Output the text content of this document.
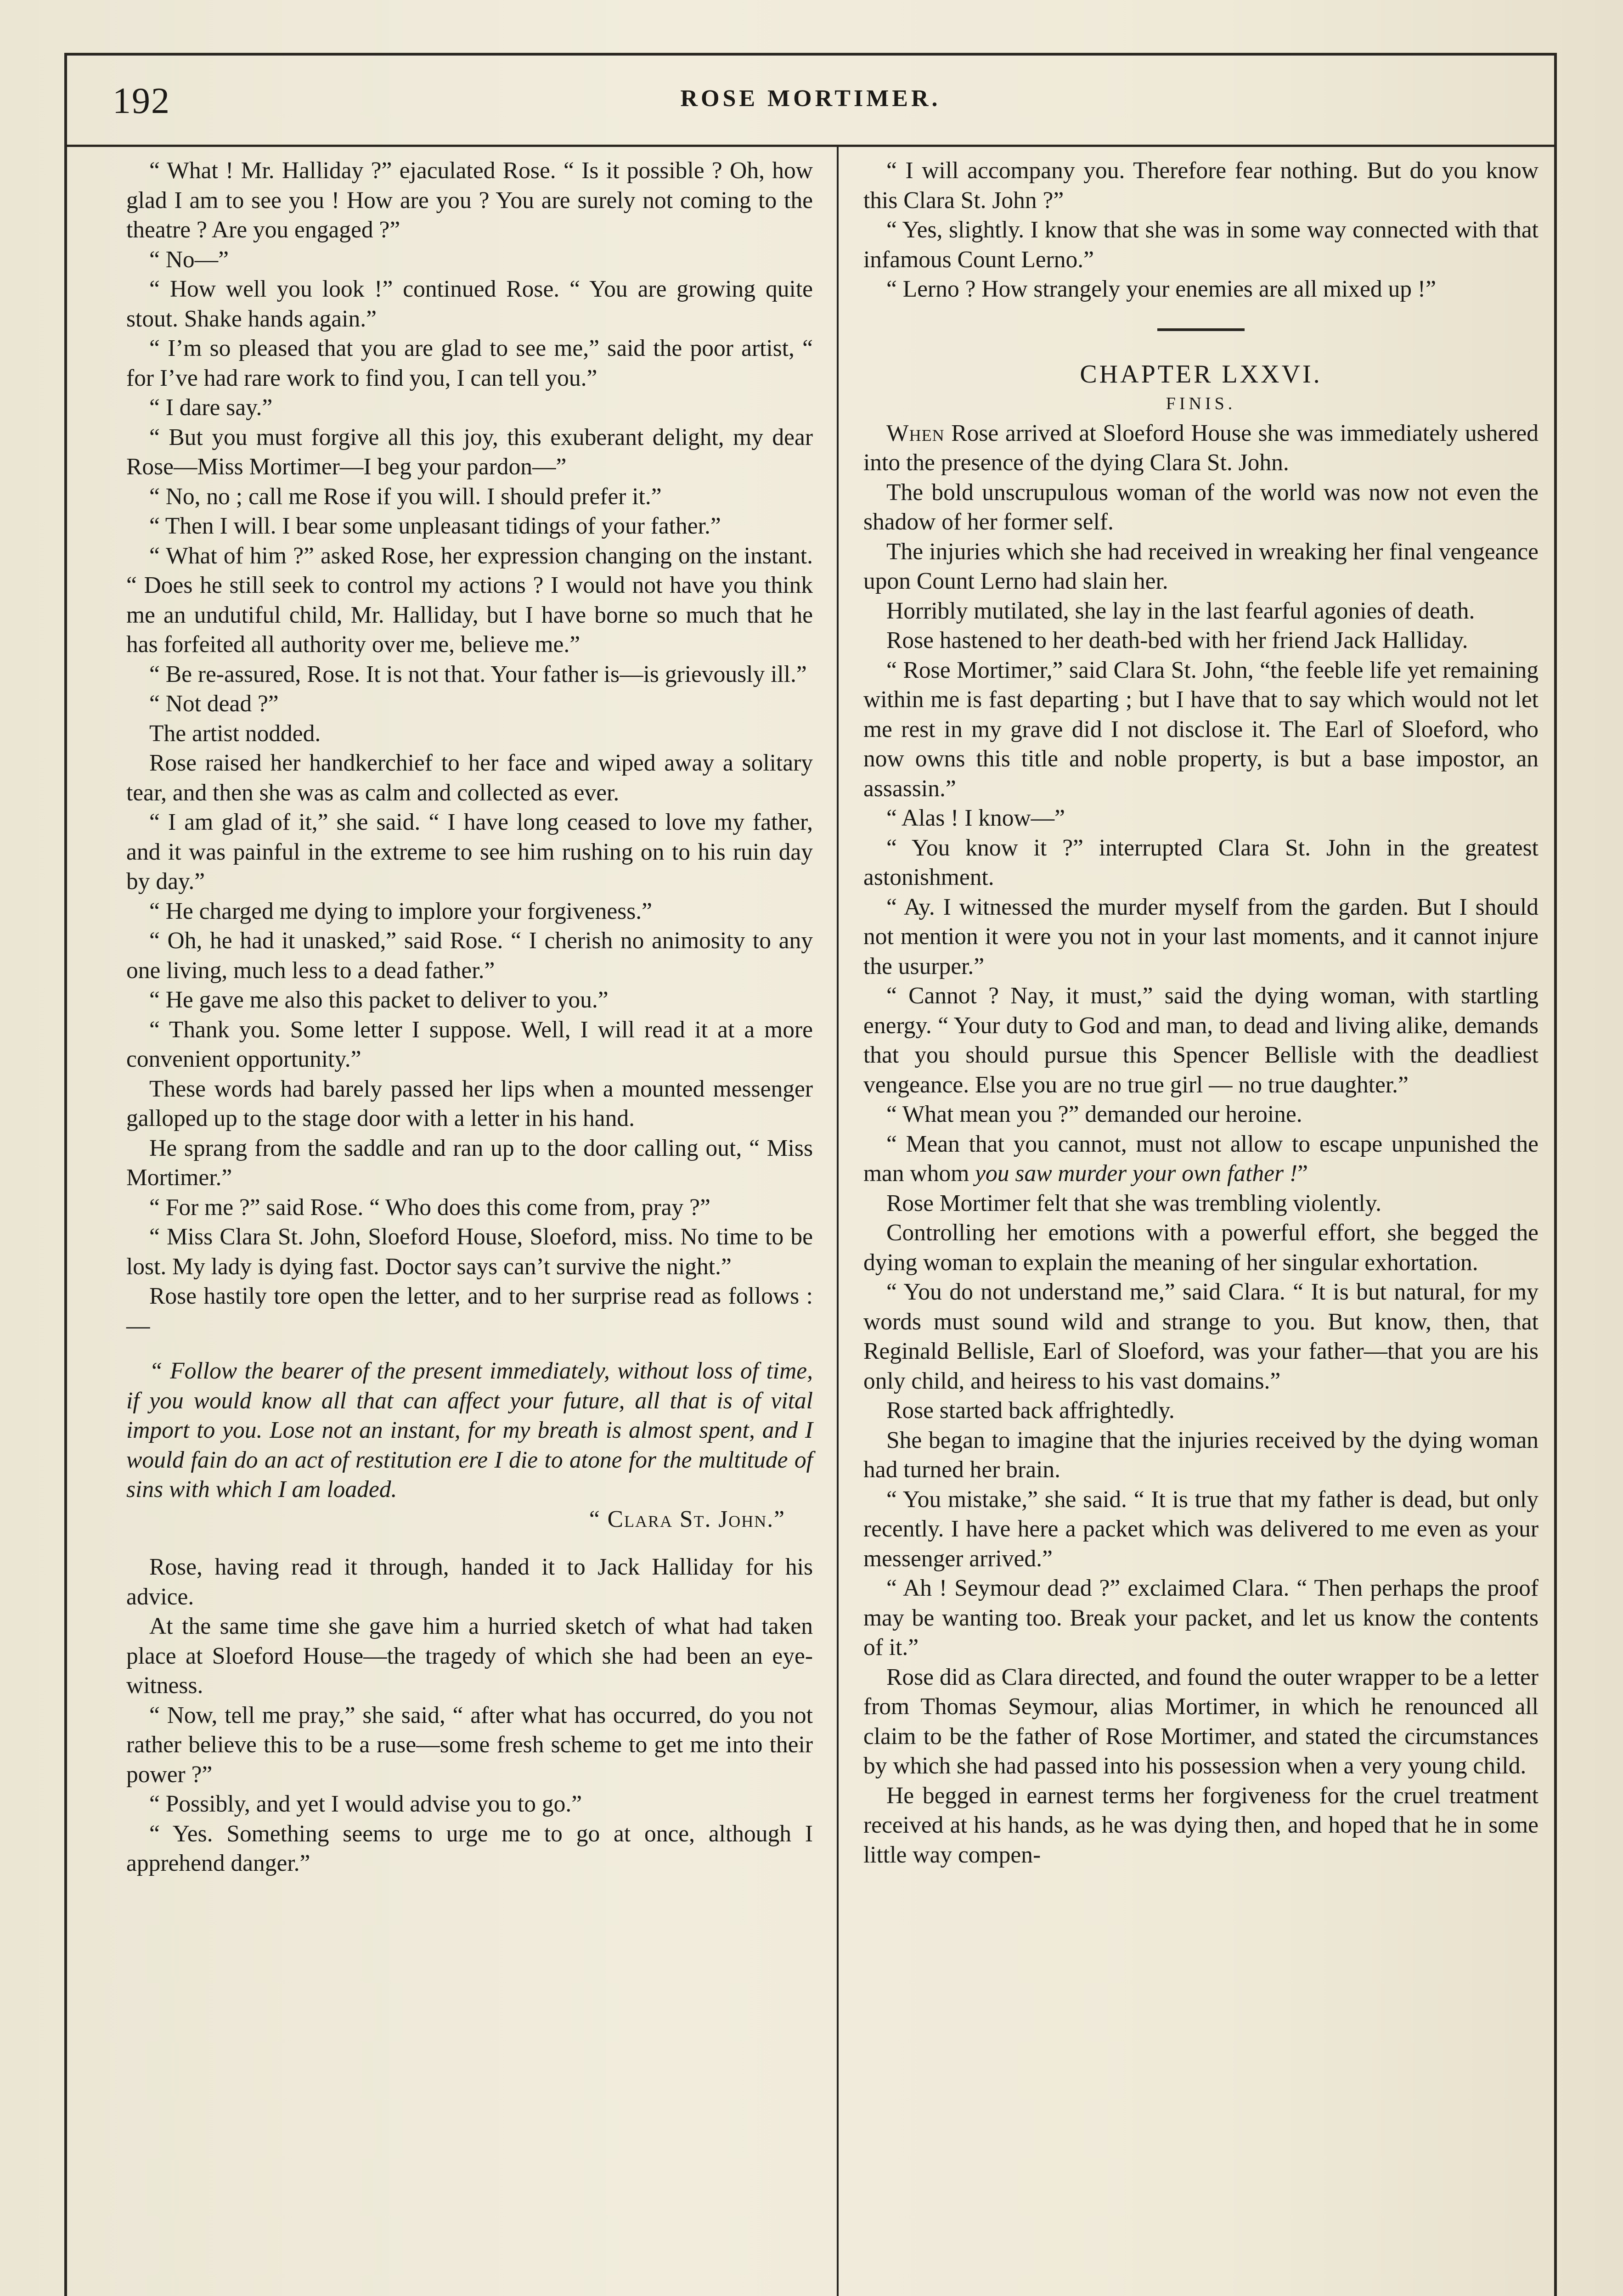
192	ROSE MORTIMER.

“ What ! Mr. Halliday ?” ejaculated Rose. “ Is it possible ? Oh, how glad I am to see you ! How are you ? You are surely not coming to the theatre ? Are you engaged ?”

“ No—”

“ How well you look !” continued Rose. “ You are growing quite stout. Shake hands again.”

“ I’m so pleased that you are glad to see me,” said the poor artist, “ for I’ve had rare work to find you, I can tell you.”

“ I dare say.”

“ But you must forgive all this joy, this exuberant delight, my dear Rose—Miss Mortimer—I beg your pardon—”

“ No, no ; call me Rose if you will. I should prefer it.”

“ Then I will. I bear some unpleasant tidings of your father.”

“ What of him ?” asked Rose, her expression changing on the instant. “ Does he still seek to control my actions ? I would not have you think me an undutiful child, Mr. Halliday, but I have borne so much that he has forfeited all authority over me, believe me.”

“ Be re-assured, Rose. It is not that. Your father is—is grievously ill.”

“ Not dead ?”

The artist nodded.

Rose raised her handkerchief to her face and wiped away a solitary tear, and then she was as calm and collected as ever.

“ I am glad of it,” she said. “ I have long ceased to love my father, and it was painful in the extreme to see him rushing on to his ruin day by day.”

“ He charged me dying to implore your forgiveness.”

“ Oh, he had it unasked,” said Rose. “ I cherish no animosity to any one living, much less to a dead father.”

“ He gave me also this packet to deliver to you.”

“ Thank you. Some letter I suppose. Well, I will read it at a more convenient opportunity.”

These words had barely passed her lips when a mounted messenger galloped up to the stage door with a letter in his hand.

He sprang from the saddle and ran up to the door calling out, “ Miss Mortimer.”

“ For me ?” said Rose. “ Who does this come from, pray ?”

“ Miss Clara St. John, Sloeford House, Sloeford, miss. No time to be lost. My lady is dying fast. Doctor says can’t survive the night.”

Rose hastily tore open the letter, and to her surprise read as follows :—

“ Follow the bearer of the present immediately, without loss of time, if you would know all that can affect your future, all that is of vital import to you. Lose not an instant, for my breath is almost spent, and I would fain do an act of restitution ere I die to atone for the multitude of sins with which I am loaded.

“ Clara St. John.”

Rose, having read it through, handed it to Jack Halliday for his advice.

At the same time she gave him a hurried sketch of what had taken place at Sloeford House—the tragedy of which she had been an eye-witness.

“ Now, tell me pray,” she said, “ after what has occurred, do you not rather believe this to be a ruse—some fresh scheme to get me into their power ?”

“ Possibly, and yet I would advise you to go.”

“ Yes. Something seems to urge me to go at once, although I apprehend danger.”

“ I will accompany you. Therefore fear nothing. But do you know this Clara St. John ?”

“ Yes, slightly. I know that she was in some way connected with that infamous Count Lerno.”

“ Lerno ? How strangely your enemies are all mixed up !”

CHAPTER LXXVI.

FINIS.

When Rose arrived at Sloeford House she was immediately ushered into the presence of the dying Clara St. John.

The bold unscrupulous woman of the world was now not even the shadow of her former self.

The injuries which she had received in wreaking her final vengeance upon Count Lerno had slain her.

Horribly mutilated, she lay in the last fearful agonies of death.

Rose hastened to her death-bed with her friend Jack Halliday.

“ Rose Mortimer,” said Clara St. John, “the feeble life yet remaining within me is fast departing ; but I have that to say which would not let me rest in my grave did I not disclose it. The Earl of Sloeford, who now owns this title and noble property, is but a base impostor, an assassin.”

“ Alas ! I know—”

“ You know it ?” interrupted Clara St. John in the greatest astonishment.

“ Ay. I witnessed the murder myself from the garden. But I should not mention it were you not in your last moments, and it cannot injure the usurper.”

“ Cannot ? Nay, it must,” said the dying woman, with startling energy. “ Your duty to God and man, to dead and living alike, demands that you should pursue this Spencer Bellisle with the deadliest vengeance. Else you are no true girl — no true daughter.”

“ What mean you ?” demanded our heroine.

“ Mean that you cannot, must not allow to escape unpunished the man whom you saw murder your own father !”

Rose Mortimer felt that she was trembling violently.

Controlling her emotions with a powerful effort, she begged the dying woman to explain the meaning of her singular exhortation.

“ You do not understand me,” said Clara. “ It is but natural, for my words must sound wild and strange to you. But know, then, that Reginald Bellisle, Earl of Sloeford, was your father—that you are his only child, and heiress to his vast domains.”

Rose started back affrightedly.

She began to imagine that the injuries received by the dying woman had turned her brain.

“ You mistake,” she said. “ It is true that my father is dead, but only recently. I have here a packet which was delivered to me even as your messenger arrived.”

“ Ah ! Seymour dead ?” exclaimed Clara. “ Then perhaps the proof may be wanting too. Break your packet, and let us know the contents of it.”

Rose did as Clara directed, and found the outer wrapper to be a letter from Thomas Seymour, alias Mortimer, in which he renounced all claim to be the father of Rose Mortimer, and stated the circumstances by which she had passed into his possession when a very young child.

He begged in earnest terms her forgiveness for the cruel treatment received at his hands, as he was dying then, and hoped that he in some little way compen-
